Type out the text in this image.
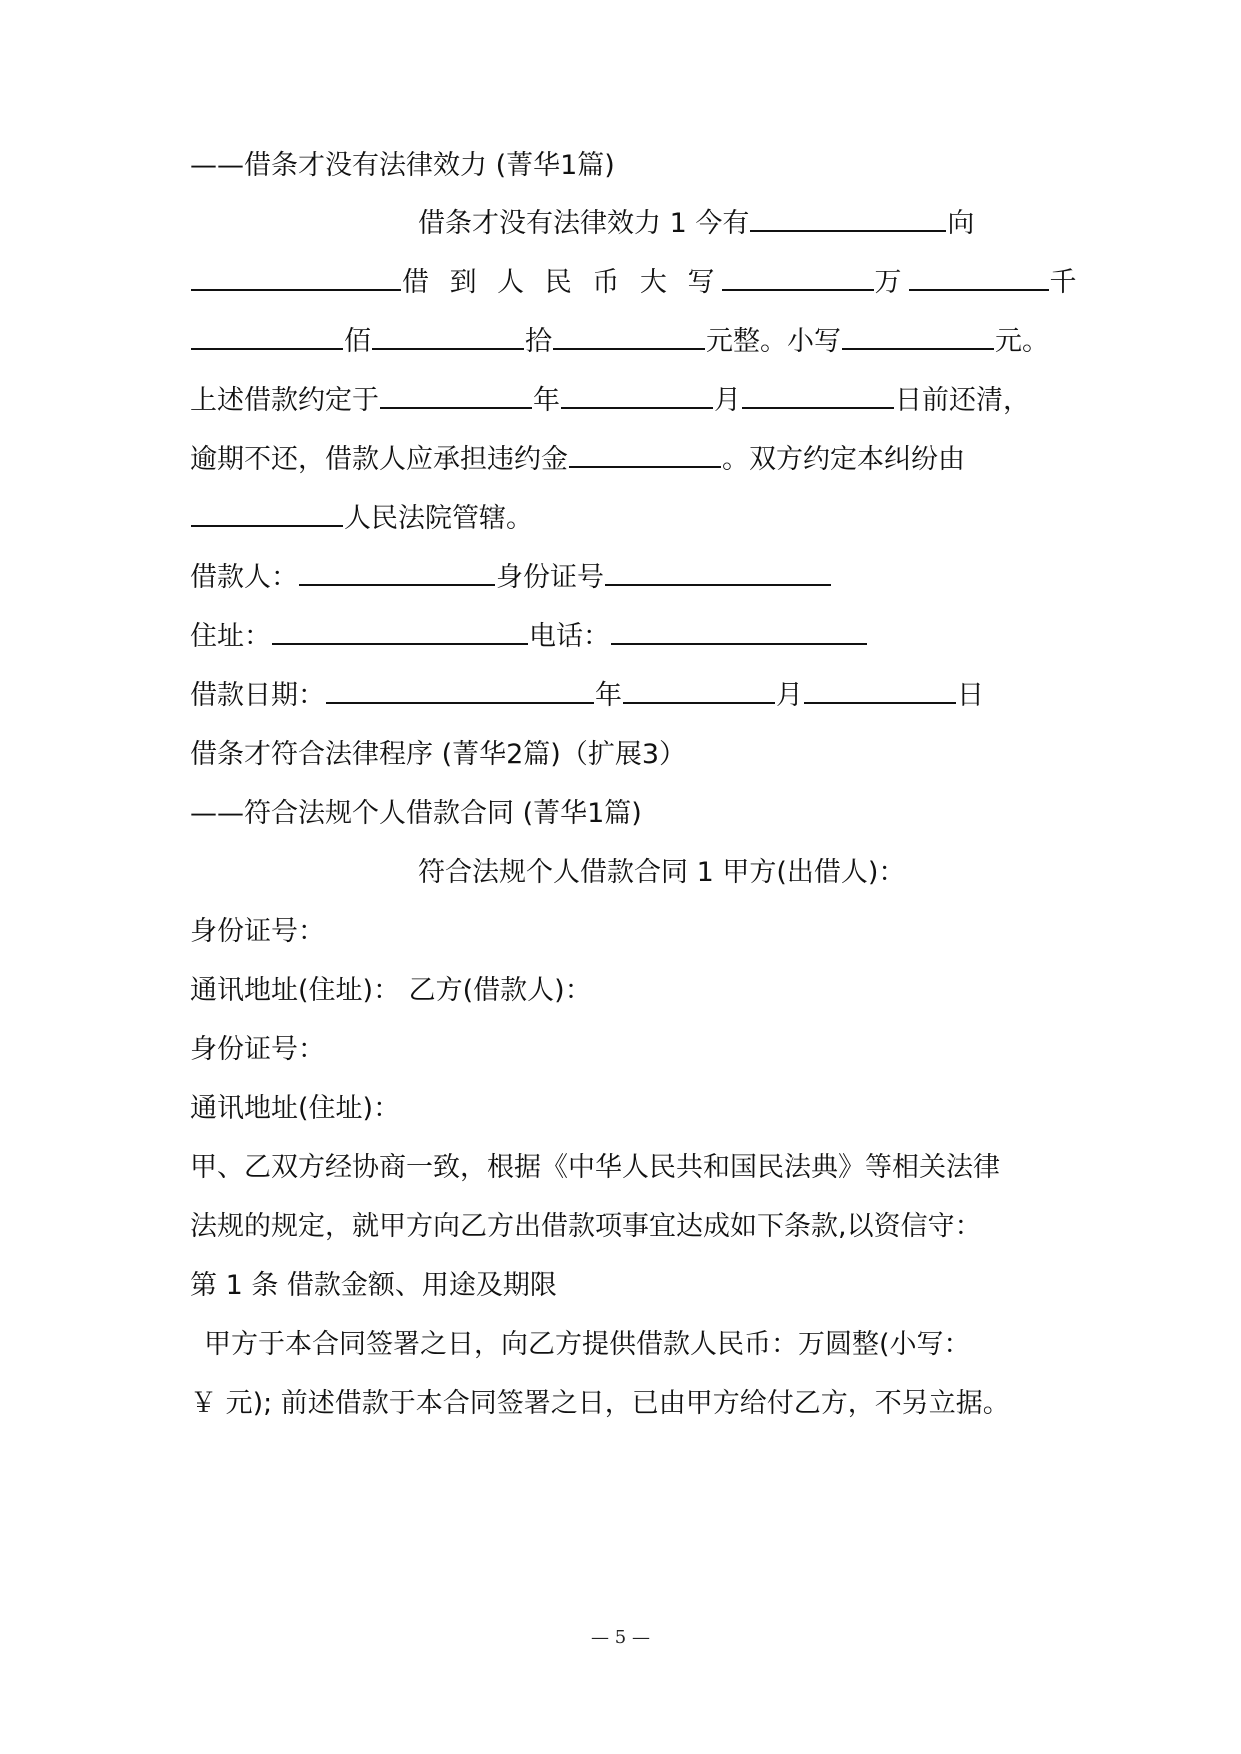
——借条才没有法律效力 (菁华1篇)
借条才没有法律效力 1 今有	向
借 到 人 民 币 大 写	万	千
佰	拾	元整。小写	元。
上述借款约定于	年	月	日前还清，
逾期不还，借款人应承担违约金	。双方约定本纠纷由
人民法院管辖。
借款人：	身份证号
住址：	电话：
借款日期：	年	月	日
借条才符合法律程序 (菁华2篇)（扩展3）
——符合法规个人借款合同 (菁华1篇)
符合法规个人借款合同 1 甲方(出借人)：
身份证号：
通讯地址(住址)： 乙方(借款人)：
身份证号：
通讯地址(住址)：
甲、乙双方经协商一致，根据《中华人民共和国民法典》等相关法律
法规的规定，就甲方向乙方出借款项事宜达成如下条款,以资信守：
第 1 条 借款金额、用途及期限
甲方于本合同签署之日，向乙方提供借款人民币：万圆整(小写：
￥ 元); 前述借款于本合同签署之日，已由甲方给付乙方，不另立据。
— 5 —
